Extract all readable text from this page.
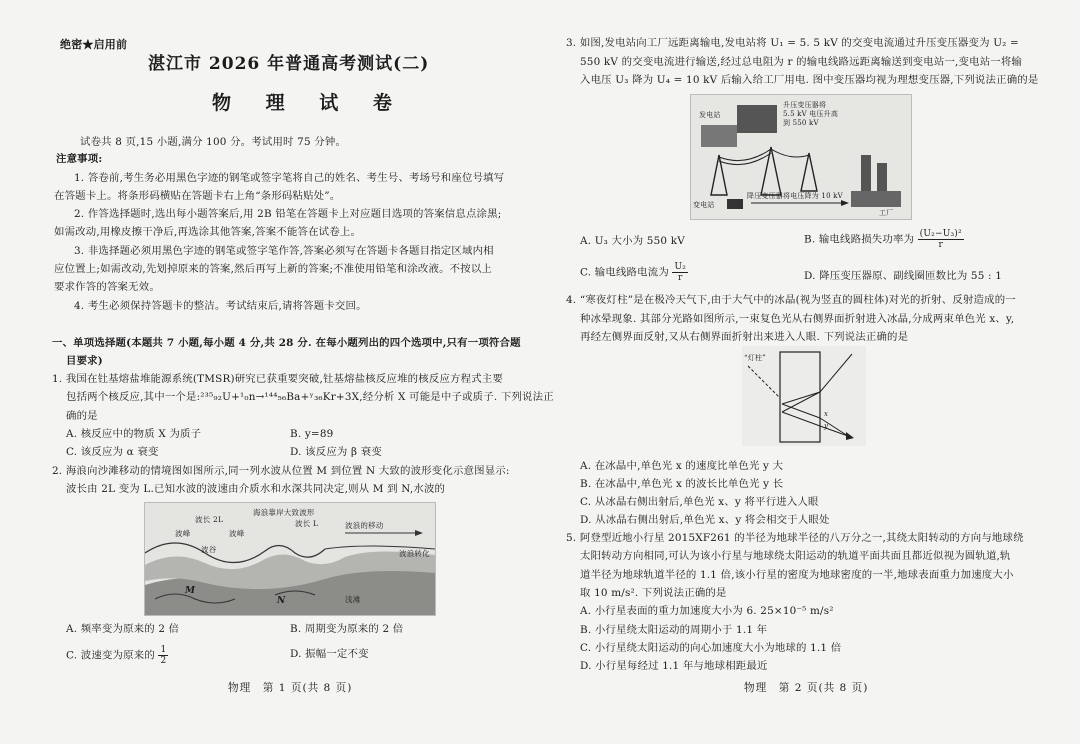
绝密★启用前
湛江市 2026 年普通高考测试(二)
物 理 试 卷
试卷共 8 页,15 小题,满分 100 分。考试用时 75 分钟。
注意事项:
1. 答卷前,考生务必用黑色字迹的钢笔或签字笔将自己的姓名、考生号、考场号和座位号填写
在答题卡上。将条形码横贴在答题卡右上角“条形码粘贴处”。
2. 作答选择题时,选出每小题答案后,用 2B 铅笔在答题卡上对应题目选项的答案信息点涂黑;
如需改动,用橡皮擦干净后,再选涂其他答案,答案不能答在试卷上。
3. 非选择题必须用黑色字迹的钢笔或签字笔作答,答案必须写在答题卡各题目指定区域内相
应位置上;如需改动,先划掉原来的答案,然后再写上新的答案;不准使用铅笔和涂改液。不按以上
要求作答的答案无效。
4. 考生必须保持答题卡的整洁。考试结束后,请将答题卡交回。
一、单项选择题(本题共 7 小题,每小题 4 分,共 28 分. 在每小题列出的四个选项中,只有一项符合题
目要求)
1. 我国在钍基熔盐堆能源系统(TMSR)研究已获重要突破,钍基熔盐核反应堆的核反应方程式主要
包括两个核反应,其中一个是:²³⁵₉₂U+¹₀n→¹⁴⁴₅₆Ba+ʸ₃₆Kr+3X,经分析 X 可能是中子或质子. 下列说法正
确的是
A. 核反应中的物质 X 为质子	B. y=89
C. 该反应为 α 衰变	D. 该反应为 β 衰变
2. 海浪向沙滩移动的情境图如图所示,同一列水波从位置 M 到位置 N 大致的波形变化示意图显示:
波长由 2L 变为 L.已知水波的波速由介质水和水深共同决定,则从 M 到 N,水波的
海浪靠岸大致波形
波长 2L	波长 L
波峰	波峰
波谷
波浪的移动
波浪转化
M
N	浅滩
A. 频率变为原来的 2 倍	B. 周期变为原来的 2 倍
C. 波速变为原来的 $\frac{1}{2}$	D. 振幅一定不变
物理　第 1 页(共 8 页)
3. 如图,发电站向工厂远距离输电,发电站将 U₁ = 5. 5 kV 的交变电流通过升压变压器变为 U₂ =
550 kV 的交变电流进行输送,经过总电阻为 r 的输电线路远距离输送到变电站一,变电站一将输
入电压 U₃ 降为 U₄ = 10 kV 后输入给工厂用电. 图中变压器均视为理想变压器,下列说法正确的是
发电站
升压变压器将
5.5 kV 电压升高
到 550 kV
变电站
降压变压器将电压降为 10 kV
工厂
A. U₃ 大小为 550 kV	B. 输电线路损失功率为 $\frac{\text{(U₂−U₃)²}}{r}$
C. 输电线路电流为 $\frac{\text{U₂}}{r}$	D. 降压变压器原、副线圈匝数比为 55 : 1
4. “寒夜灯柱”是在极冷天气下,由于大气中的冰晶(视为竖直的圆柱体)对光的折射、反射造成的一
种冰晕现象. 其部分光路如图所示,一束复色光从右侧界面折射进入冰晶,分成两束单色光 x、y,
再经左侧界面反射,又从右侧界面折射出来进入人眼. 下列说法正确的是
“灯柱”
x
y
A. 在冰晶中,单色光 x 的速度比单色光 y 大
B. 在冰晶中,单色光 x 的波长比单色光 y 长
C. 从冰晶右侧出射后,单色光 x、y 将平行进入人眼
D. 从冰晶右侧出射后,单色光 x、y 将会相交于人眼处
5. 阿登型近地小行星 2015XF261 的半径为地球半径的八万分之一,其绕太阳转动的方向与地球绕
太阳转动方向相同,可认为该小行星与地球绕太阳运动的轨道平面共面且都近似视为圆轨道,轨
道半径为地球轨道半径的 1.1 倍,该小行星的密度为地球密度的一半,地球表面重力加速度大小
取 10 m/s². 下列说法正确的是
A. 小行星表面的重力加速度大小为 6. 25×10⁻⁵ m/s²
B. 小行星绕太阳运动的周期小于 1.1 年
C. 小行星绕太阳运动的向心加速度大小为地球的 1.1 倍
D. 小行星每经过 1.1 年与地球相距最近
物理　第 2 页(共 8 页)
